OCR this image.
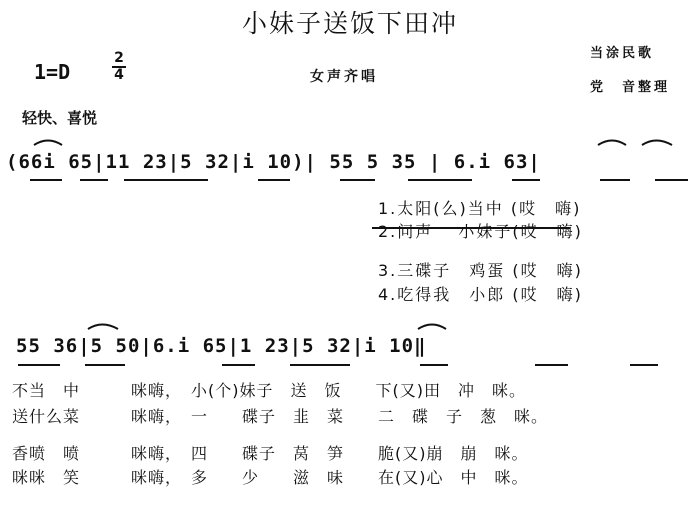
小妹子送饭下田冲
1=D	$\frac{2}{4}$	女声齐唱
当涂民歌
党　音整理
轻快、喜悦
(66i 65|11 23|5 32|i 10)| 55 5 35 | 6.i 63|
1.太阳(么)当中 (哎　嗨)
2.问声　 小妹子(哎　嗨)
3.三碟子　鸡蛋 (哎　嗨)
4.吃得我　小郎 (哎　嗨)
55 36|5 50|6.i 65|1 23|5 32|i 10‖
不当　中　　　咪嗨，　小(个)妹子　送　饭　　下(又)田　冲　咪。
送什么菜　　　咪嗨，　一　　碟子　韭　菜　　二　碟　子　葱　咪。
香喷　喷　　　咪嗨，　四　　碟子　莴　笋　　脆(又)崩　崩　咪。
咪咪　笑　　　咪嗨，　多　　少　　滋　味　　在(又)心　中　咪。
